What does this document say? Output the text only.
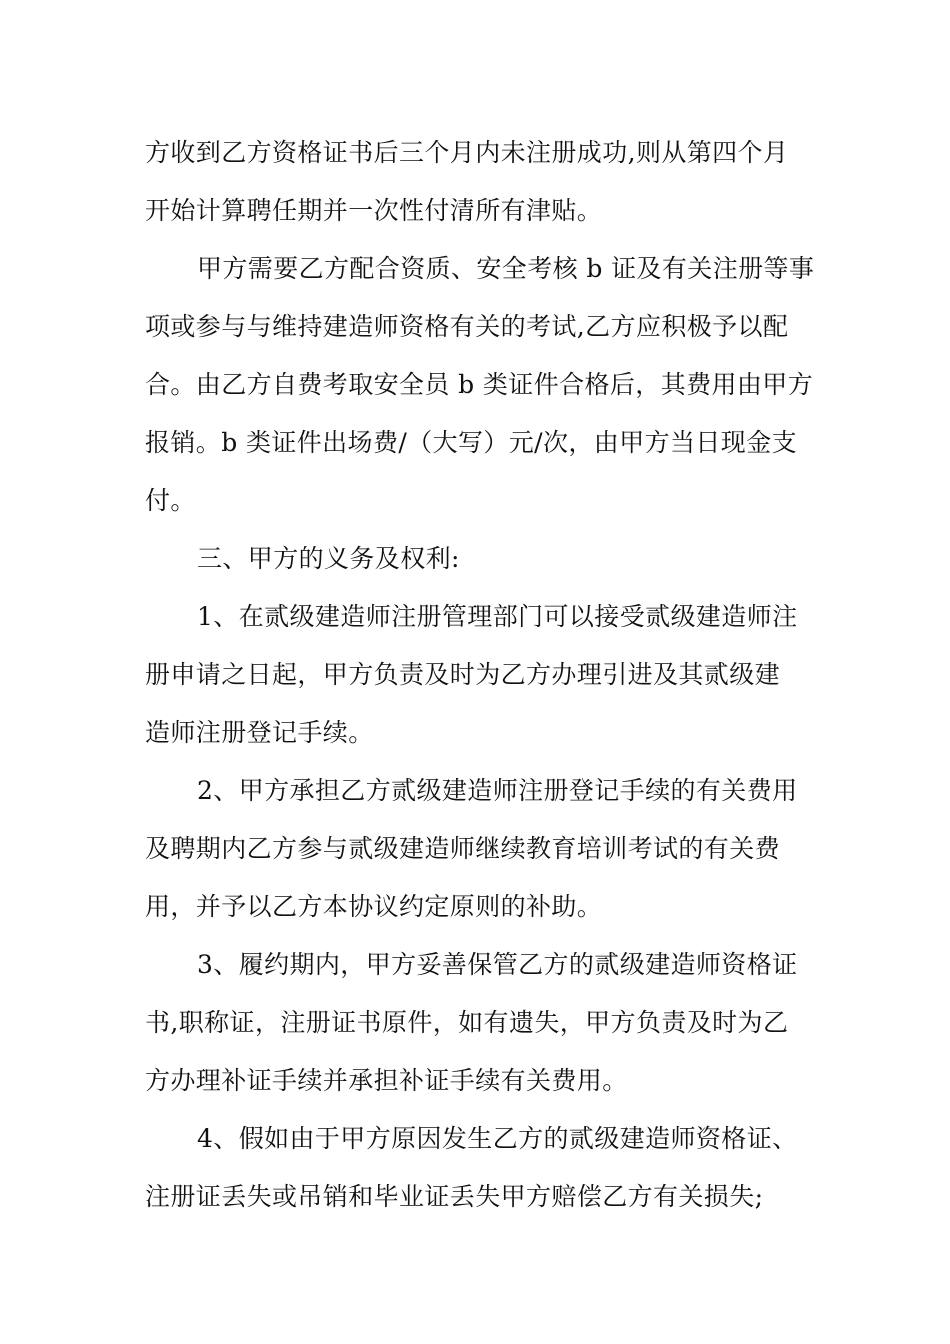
方收到乙方资格证书后三个月内未注册成功,则从第四个月
开始计算聘任期并一次性付清所有津贴。
甲方需要乙方配合资质、安全考核 b 证及有关注册等事
项或参与与维持建造师资格有关的考试,乙方应积极予以配
合。由乙方自费考取安全员 b 类证件合格后，其费用由甲方
报销。b 类证件出场费/（大写）元/次，由甲方当日现金支
付。
三、甲方的义务及权利:
1、在贰级建造师注册管理部门可以接受贰级建造师注
册申请之日起，甲方负责及时为乙方办理引进及其贰级建
造师注册登记手续。
2、甲方承担乙方贰级建造师注册登记手续的有关费用
及聘期内乙方参与贰级建造师继续教育培训考试的有关费
用，并予以乙方本协议约定原则的补助。
3、履约期内，甲方妥善保管乙方的贰级建造师资格证
书,职称证，注册证书原件，如有遗失，甲方负责及时为乙
方办理补证手续并承担补证手续有关费用。
4、假如由于甲方原因发生乙方的贰级建造师资格证、
注册证丢失或吊销和毕业证丢失甲方赔偿乙方有关损失;
